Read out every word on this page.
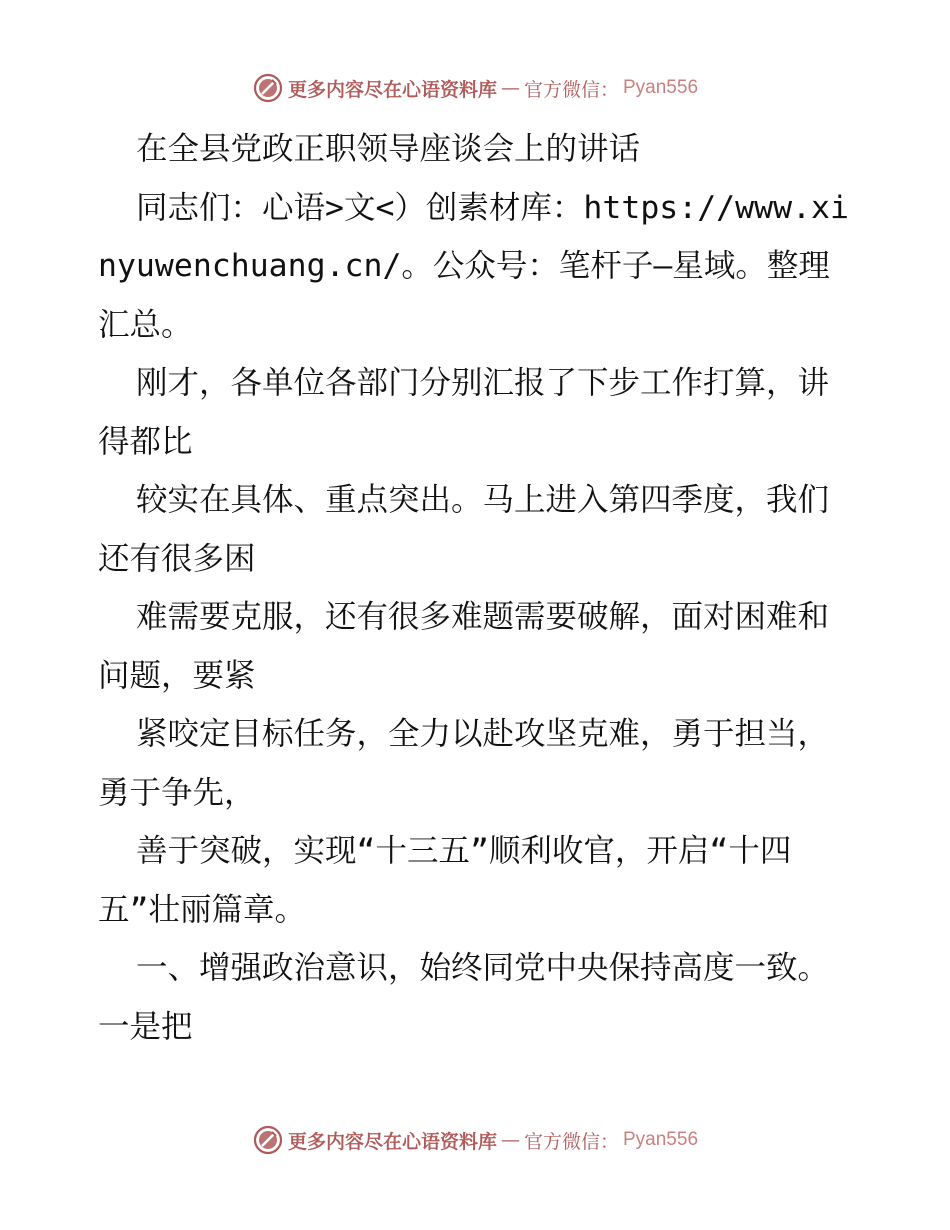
更多内容尽在心语资料库 — 官方微信： Pyan556

在全县党政正职领导座谈会上的讲话

同志们：心语>文<）创素材库：https://www.xinyuwenchuang.cn/。公众号：笔杆子—星域。整理汇总。

刚才，各单位各部门分别汇报了下步工作打算，讲得都比

较实在具体、重点突出。马上进入第四季度，我们还有很多困

难需要克服，还有很多难题需要破解，面对困难和问题，要紧

紧咬定目标任务，全力以赴攻坚克难，勇于担当，勇于争先，

善于突破，实现“十三五”顺利收官，开启“十四五”壮丽篇章。

一、增强政治意识，始终同党中央保持高度一致。一是把

更多内容尽在心语资料库 — 官方微信： Pyan556
